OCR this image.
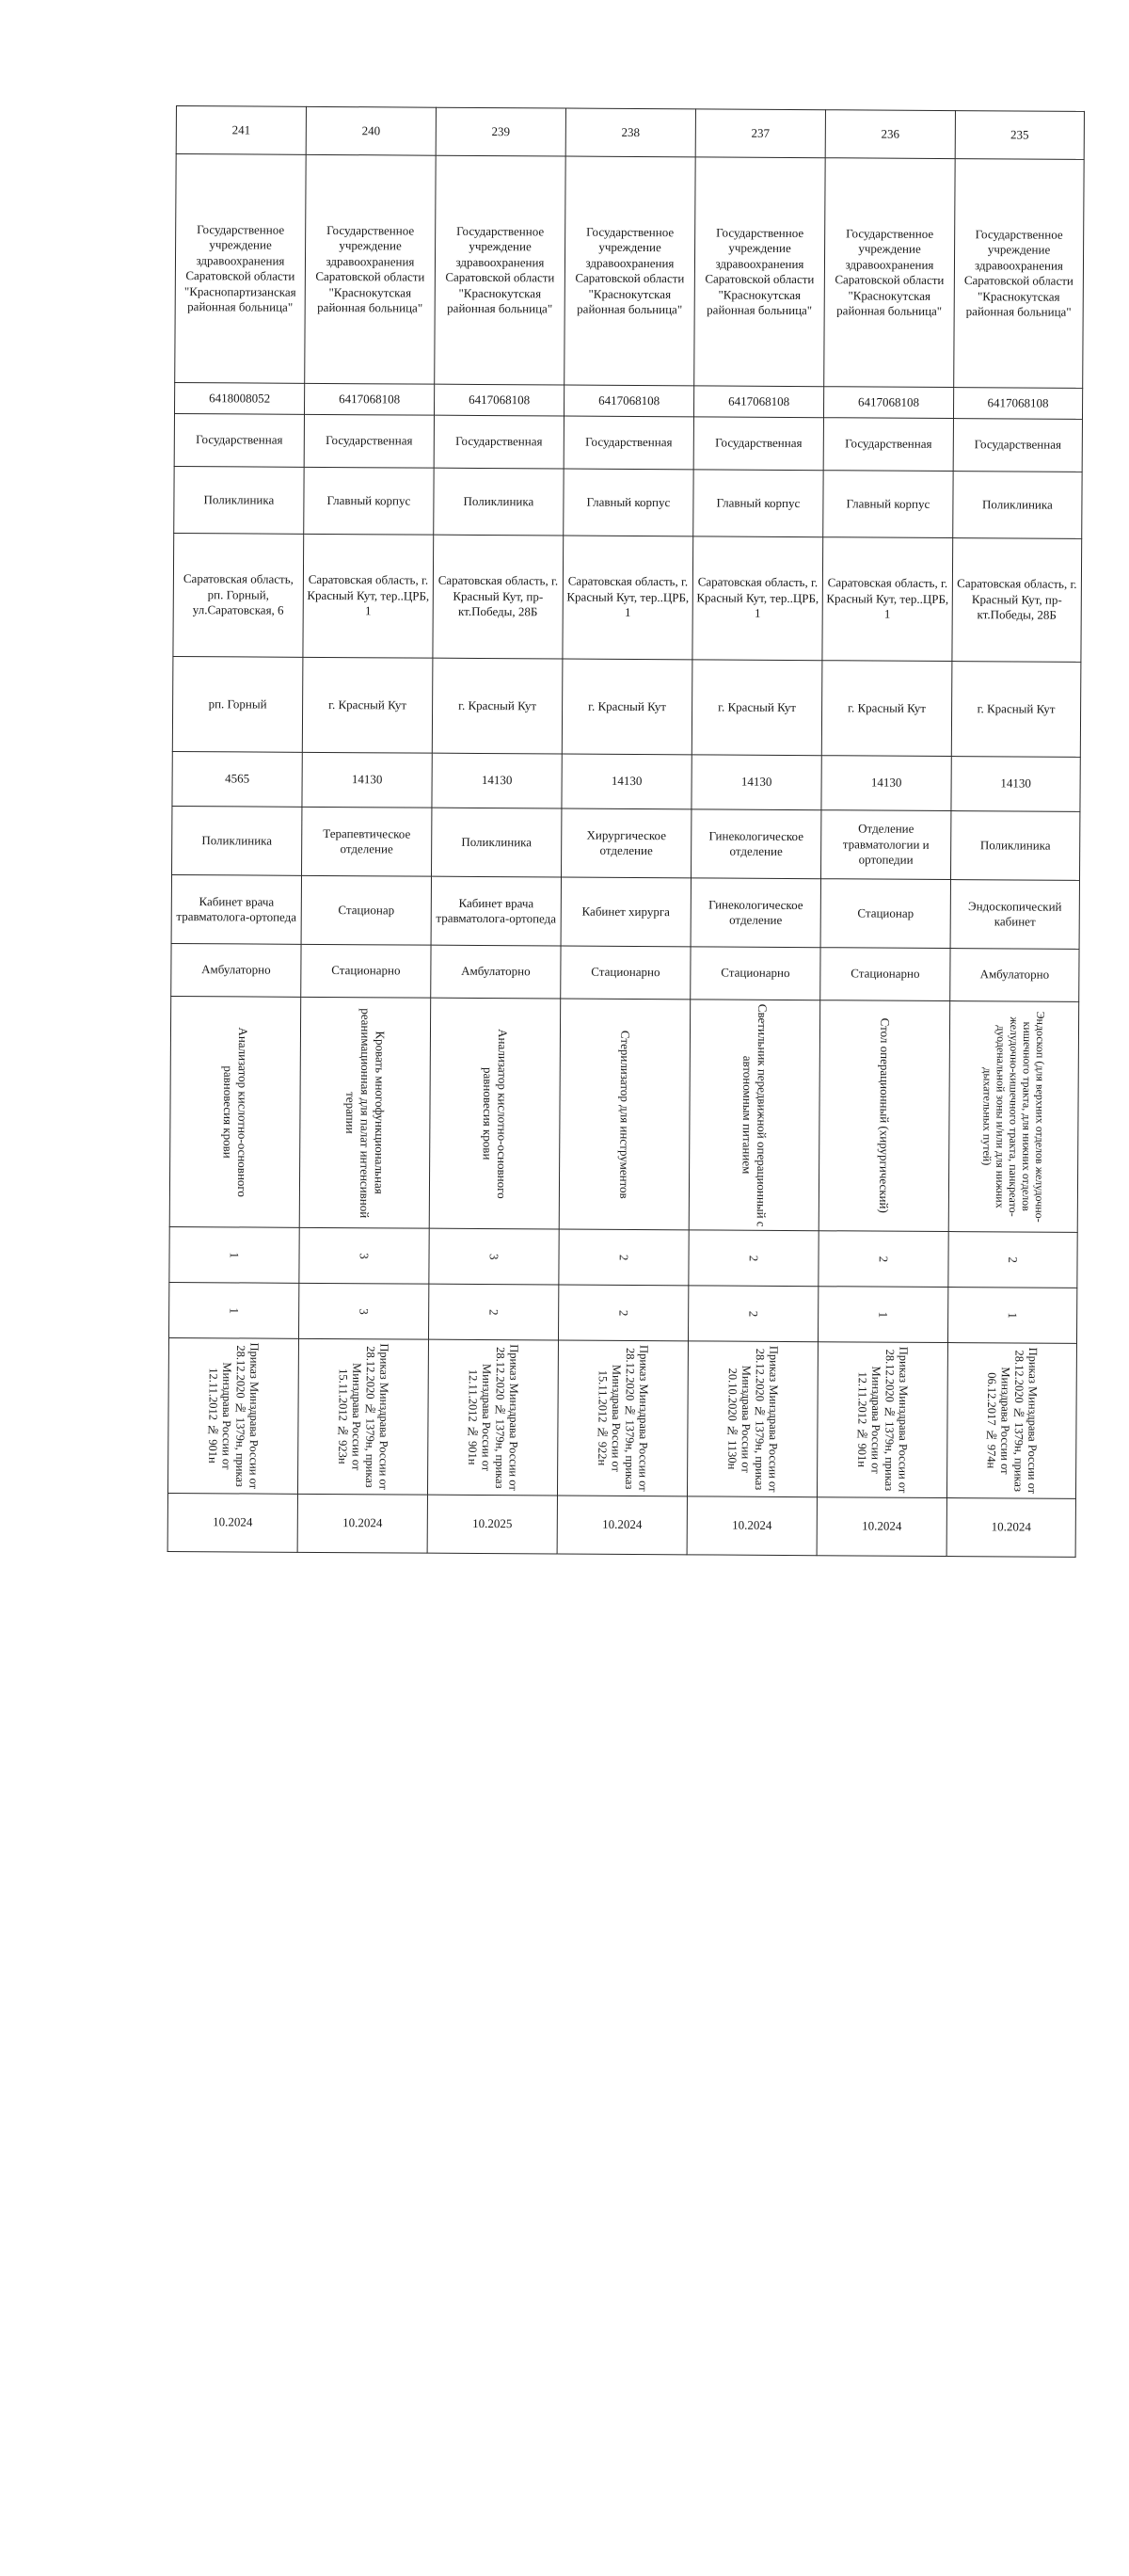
241	240	239	238	237	236	235
Государственное учреждение здравоохранения Саратовской области "Краснопартизанская районная больница"	Государственное учреждение здравоохранения Саратовской области "Краснокутская районная больница"	Государственное учреждение здравоохранения Саратовской области "Краснокутская районная больница"	Государственное учреждение здравоохранения Саратовской области "Краснокутская районная больница"	Государственное учреждение здравоохранения Саратовской области "Краснокутская районная больница"	Государственное учреждение здравоохранения Саратовской области "Краснокутская районная больница"	Государственное учреждение здравоохранения Саратовской области "Краснокутская районная больница"
6418008052	6417068108	6417068108	6417068108	6417068108	6417068108	6417068108
Государственная	Государственная	Государственная	Государственная	Государственная	Государственная	Государственная
Поликлиника	Главный корпус	Поликлиника	Главный корпус	Главный корпус	Главный корпус	Поликлиника
Саратовская область, рп. Горный, ул.Саратовская, 6	Саратовская область, г. Красный Кут, тер..ЦРБ, 1	Саратовская область, г. Красный Кут, пр-кт.Победы, 28Б	Саратовская область, г. Красный Кут, тер..ЦРБ, 1	Саратовская область, г. Красный Кут, тер..ЦРБ, 1	Саратовская область, г. Красный Кут, тер..ЦРБ, 1	Саратовская область, г. Красный Кут, пр-кт.Победы, 28Б
рп. Горный	г. Красный Кут	г. Красный Кут	г. Красный Кут	г. Красный Кут	г. Красный Кут	г. Красный Кут
4565	14130	14130	14130	14130	14130	14130
Поликлиника	Терапевтическое отделение	Поликлиника	Хирургическое отделение	Гинекологическое отделение	Отделение травматологии и ортопедии	Поликлиника
Кабинет врача травматолога-ортопеда	Стационар	Кабинет врача травматолога-ортопеда	Кабинет хирурга	Гинекологическое отделение	Стационар	Эндоскопический кабинет
Амбулаторно	Стационарно	Амбулаторно	Стационарно	Стационарно	Стационарно	Амбулаторно

Анализатор кислотно-основного равновесия крови	Кровать многофункциональная реанимационная для палат интенсивной терапии	Анализатор кислотно-основного равновесия крови	Стерилизатор для инструментов	Светильник передвижной операционный с автономным питанием	Стол операционный (хирургический)	Эндоскоп (для верхних отделов желудочно- кишечного тракта, для нижних отделов желудочно-кишечного тракта, панкреато-дуоденальной зоны и/или для нижних дыхательных путей)

1	3	3	2	2	2	2

1	3	2	2	2	1	1

Приказ Минздрава России от 28.12.2020 № 1379н, приказ Минздрава России от 12.11.2012 № 901н	Приказ Минздрава России от 28.12.2020 № 1379н, приказ Минздрава России от 15.11.2012 № 923н	Приказ Минздрава России от 28.12.2020 № 1379н, приказ Минздрава России от 12.11.2012 № 901н	Приказ Минздрава России от 28.12.2020 № 1379н, приказ Минздрава России от 15.11.2012 № 922н	Приказ Минздрава России от 28.12.2020 № 1379н, приказ Минздрава России от 20.10.2020 № 1130н	Приказ Минздрава России от 28.12.2020 № 1379н, приказ Минздрава России от 12.11.2012 № 901н	Приказ Минздрава России от 28.12.2020 № 1379н, приказ Минздрава России от 06.12.2017 № 974н

10.2024	10.2024	10.2025	10.2024	10.2024	10.2024	10.2024
